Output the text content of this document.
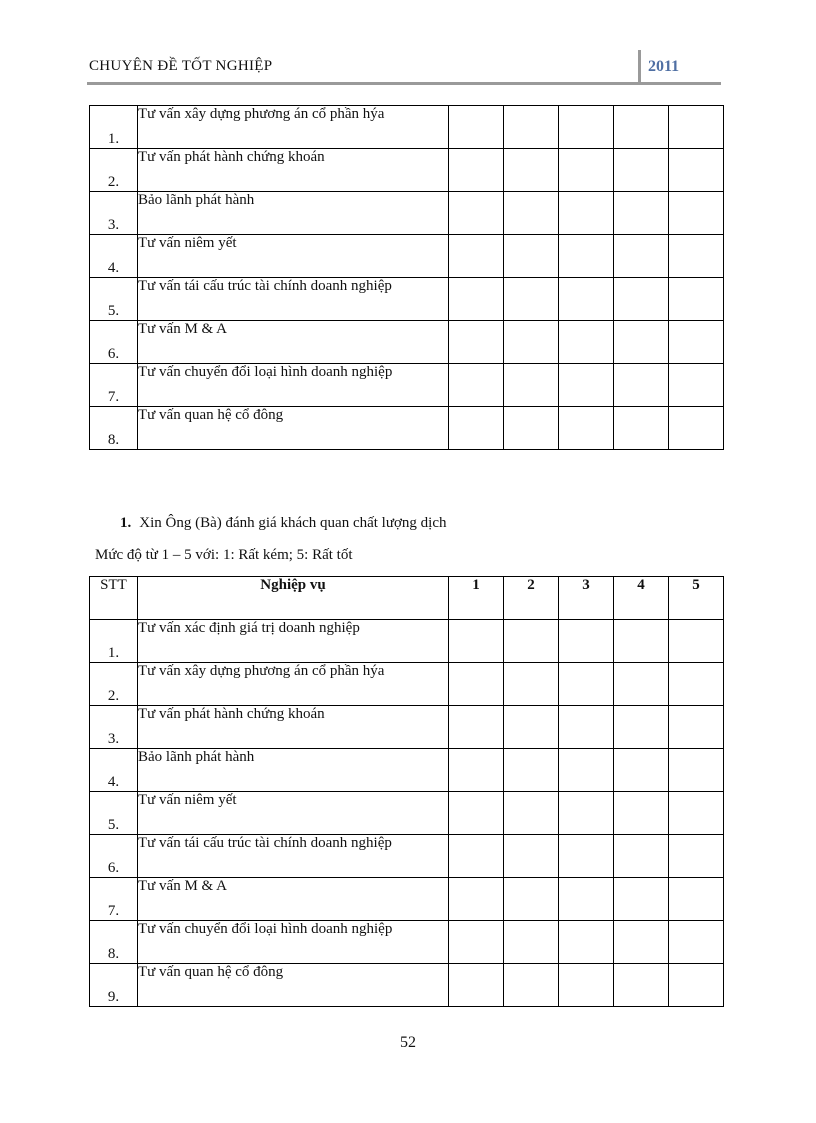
CHUYÊN ĐỀ TỐT NGHIỆP	2011
1.	Tư vấn xây dựng phương án cổ phần hýa					
2.	Tư vấn phát hành chứng khoán					
3.	Bảo lãnh phát hành					
4.	Tư vấn niêm yết					
5.	Tư vấn tái cấu trúc tài chính doanh nghiệp					
6.	Tư vấn M & A					
7.	Tư vấn chuyển đổi loại hình doanh nghiệp					
8.	Tư vấn quan hệ cổ đông					
1. Xin Ông (Bà) đánh giá khách quan chất lượng dịch
Mức độ từ 1 – 5 với: 1: Rất kém; 5: Rất tốt
STT	Nghiệp vụ	1	2	3	4	5
1.	Tư vấn xác định giá trị doanh nghiệp					
2.	Tư vấn xây dựng phương án cổ phần hýa					
3.	Tư vấn phát hành chứng khoán					
4.	Bảo lãnh phát hành					
5.	Tư vấn niêm yết					
6.	Tư vấn tái cấu trúc tài chính doanh nghiệp					
7.	Tư vấn M & A					
8.	Tư vấn chuyển đổi loại hình doanh nghiệp					
9.	Tư vấn quan hệ cổ đông					
52
